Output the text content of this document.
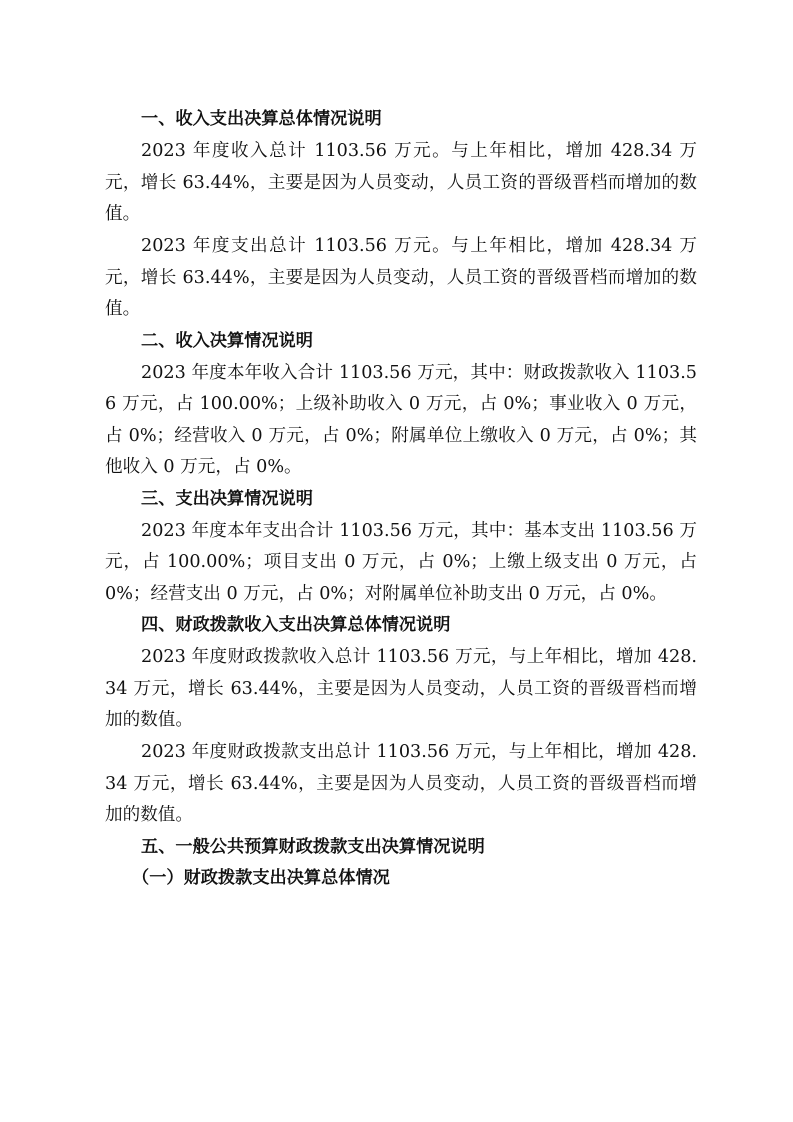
一、收入支出决算总体情况说明

2023 年度收入总计 1103.56 万元。与上年相比，增加 428.34 万元，增长 63.44%，主要是因为人员变动，人员工资的晋级晋档而增加的数值。

2023 年度支出总计 1103.56 万元。与上年相比，增加 428.34 万元，增长 63.44%，主要是因为人员变动，人员工资的晋级晋档而增加的数值。

二、收入决算情况说明

2023 年度本年收入合计 1103.56 万元，其中：财政拨款收入 1103.56 万元，占 100.00%；上级补助收入 0 万元，占 0%；事业收入 0 万元，占 0%；经营收入 0 万元，占 0%；附属单位上缴收入 0 万元，占 0%；其他收入 0 万元，占 0%。

三、支出决算情况说明

2023 年度本年支出合计 1103.56 万元，其中：基本支出 1103.56 万元，占 100.00%；项目支出 0 万元，占 0%；上缴上级支出 0 万元，占 0%；经营支出 0 万元，占 0%；对附属单位补助支出 0 万元，占 0%。

四、财政拨款收入支出决算总体情况说明

2023 年度财政拨款收入总计 1103.56 万元，与上年相比，增加 428.34 万元，增长 63.44%，主要是因为人员变动，人员工资的晋级晋档而增加的数值。

2023 年度财政拨款支出总计 1103.56 万元，与上年相比，增加 428.34 万元，增长 63.44%，主要是因为人员变动，人员工资的晋级晋档而增加的数值。

五、一般公共预算财政拨款支出决算情况说明
（一）财政拨款支出决算总体情况
